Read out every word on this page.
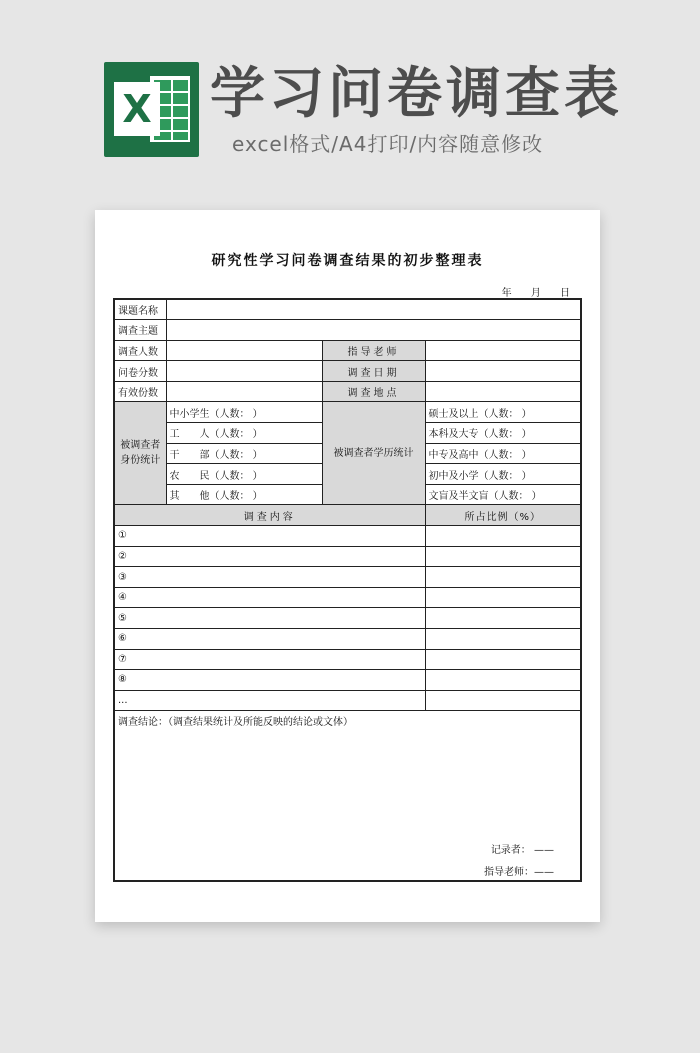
X 学习问卷调查表
excel格式/A4打印/内容随意修改
研究性学习问卷调查结果的初步整理表
年 月 日
课题名称			
调查主题			
调查人数		指导老师	
问卷分数		调查日期	
有效份数		调查地点	
被调查者身份统计	中小学生（人数： ）	被调查者学历统计	硕士及以上（人数： ）
	工　　人（人数： ）		本科及大专（人数： ）
	干　　部（人数： ）		中专及高中（人数： ）
	农　　民（人数： ）		初中及小学（人数： ）
	其　　他（人数： ）		文盲及半文盲（人数： ）
调查内容			所占比例（%）
①			
②			
③			
④			
⑤			
⑥			
⑦			
⑧			
...			

调查结论：（调查结果统计及所能反映的结论或文体）
记录者： ——
指导老师：——			
